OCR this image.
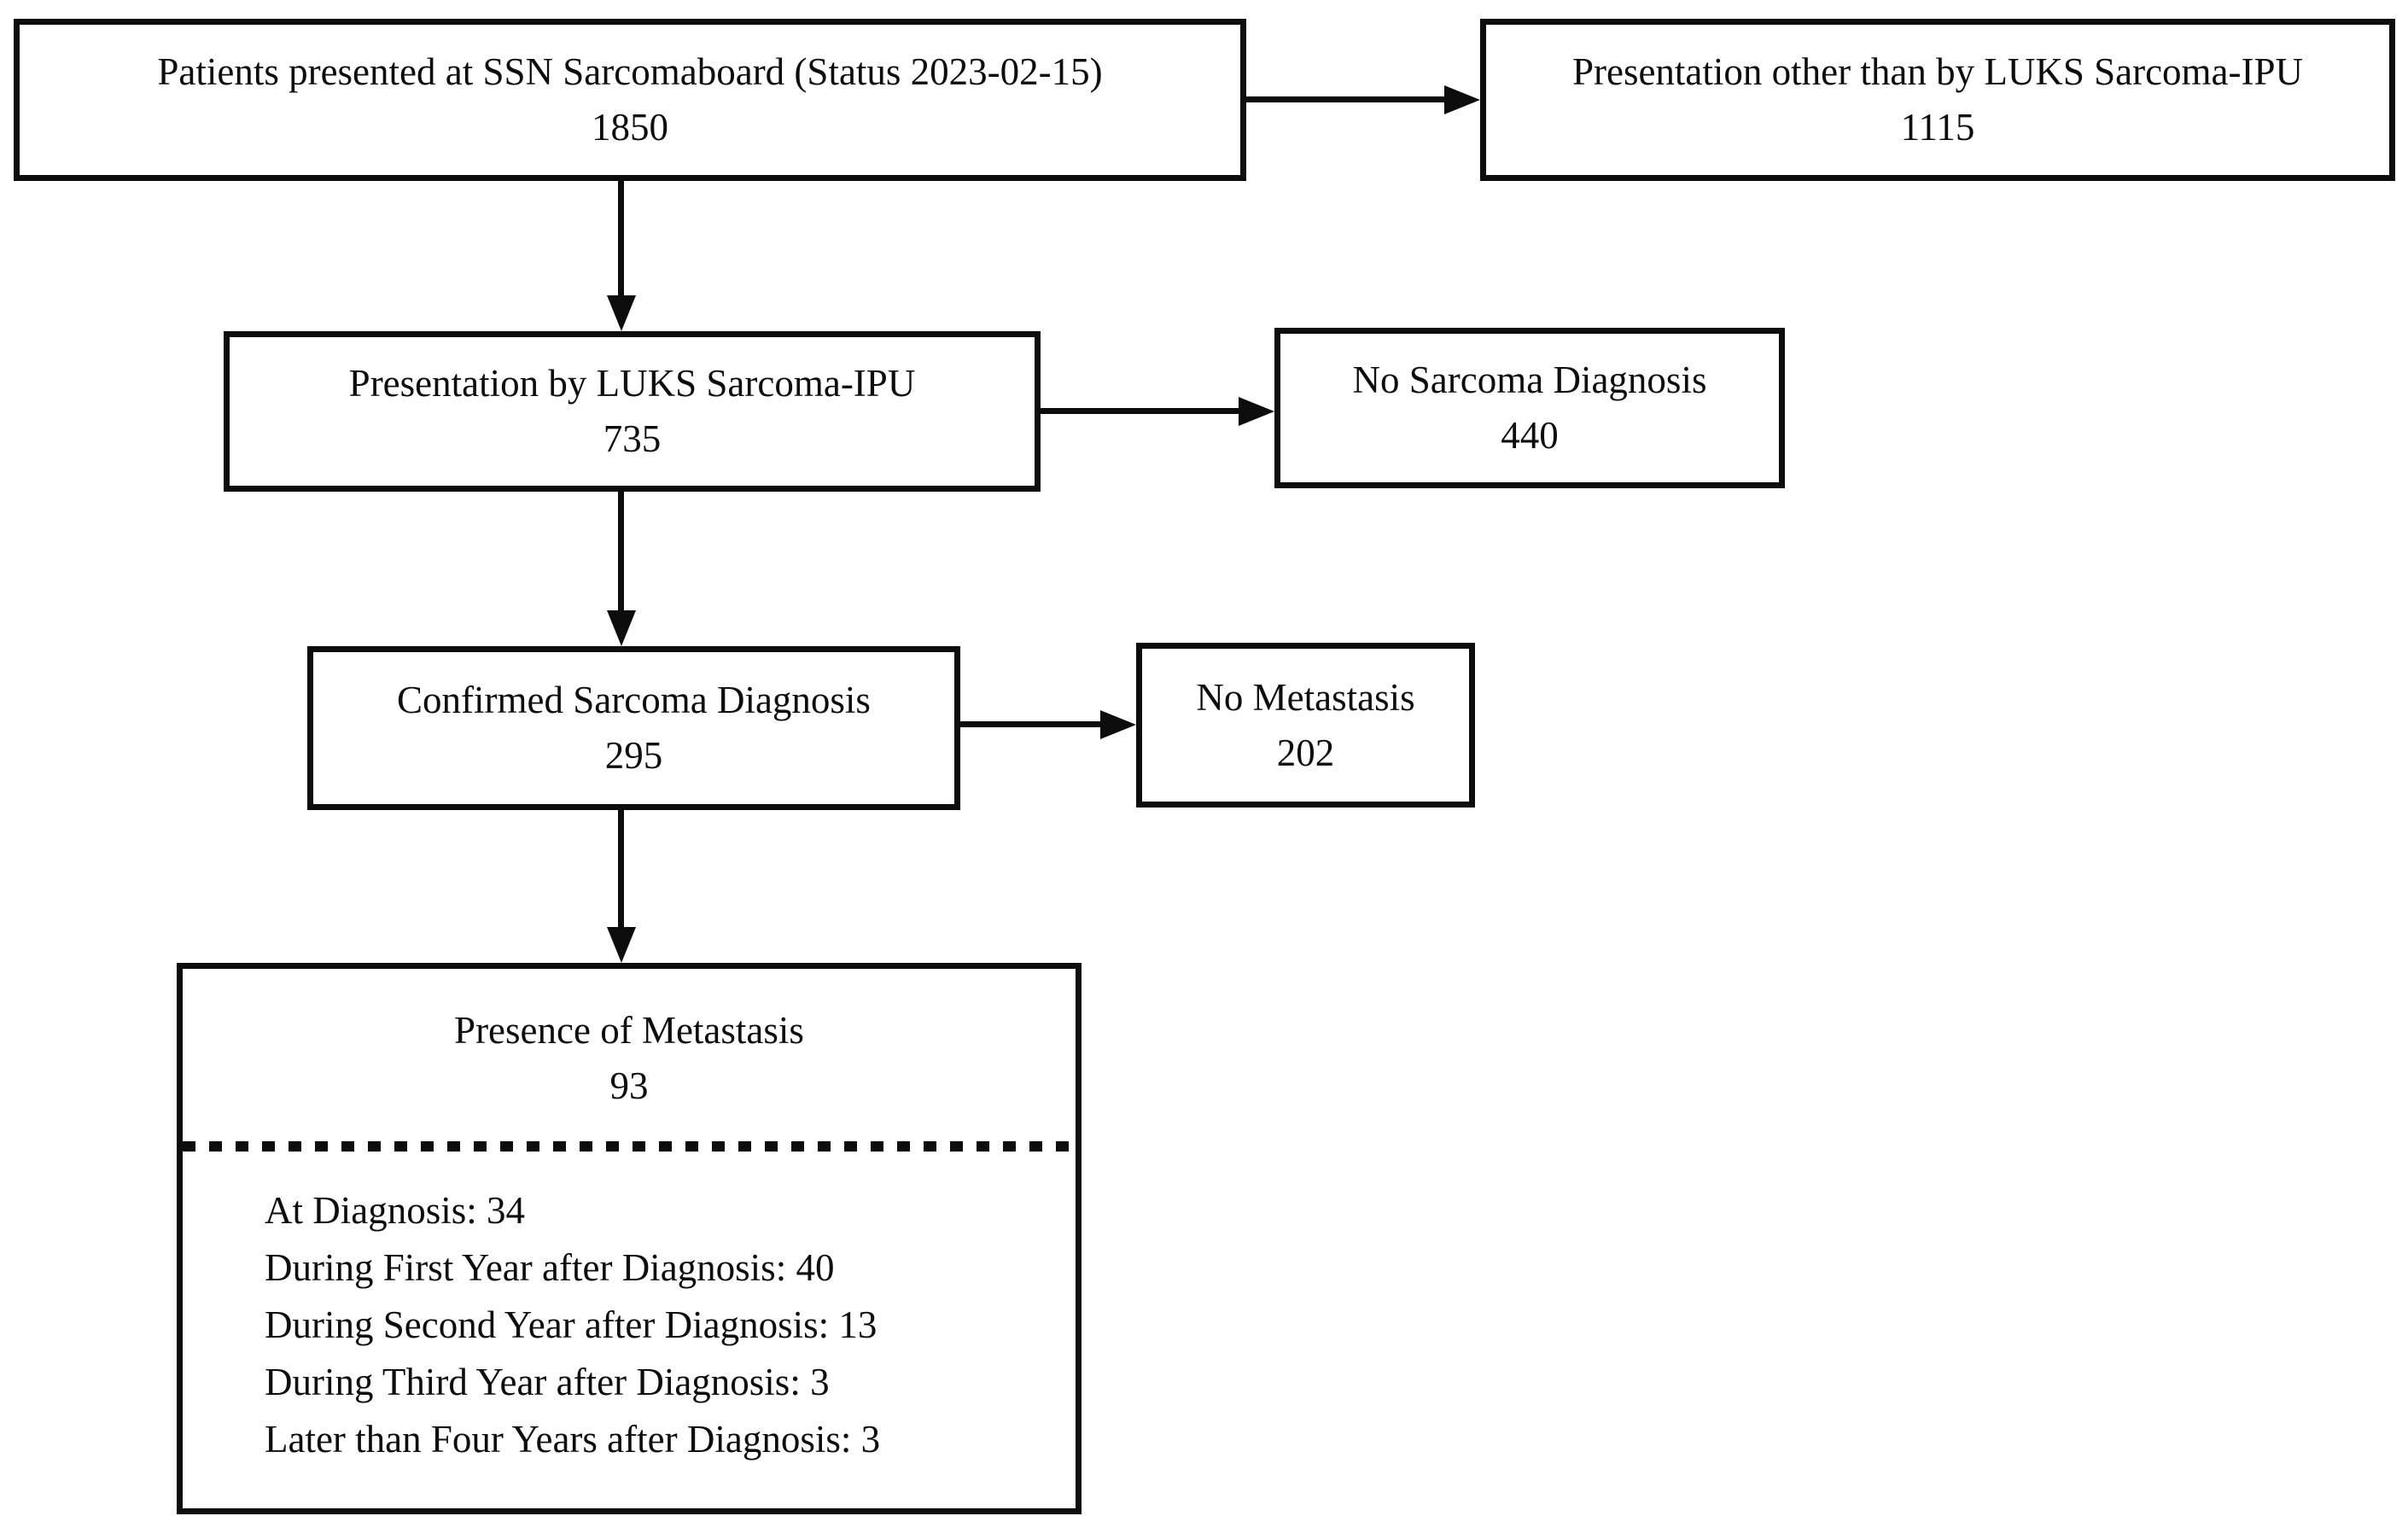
Patients presented at SSN Sarcomaboard (Status 2023-02-15)
1850
Presentation other than by LUKS Sarcoma-IPU
1115
Presentation by LUKS Sarcoma-IPU
735
No Sarcoma Diagnosis
440
Confirmed Sarcoma Diagnosis
295
No Metastasis
202
Presence of Metastasis
93
At Diagnosis: 34
During First Year after Diagnosis: 40
During Second Year after Diagnosis: 13
During Third Year after Diagnosis: 3
Later than Four Years after Diagnosis: 3
